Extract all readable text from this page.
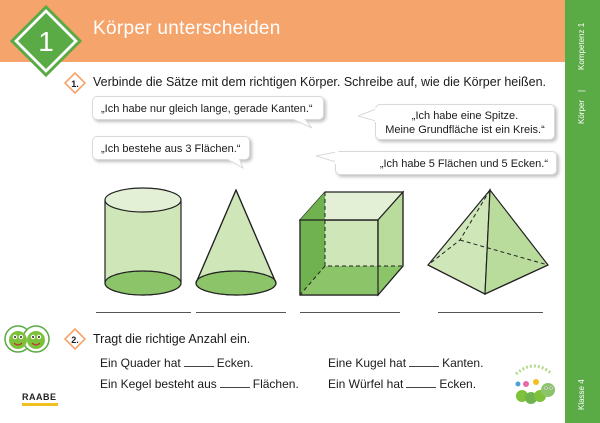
Körper unterscheiden
1	Kompetenz 1
|
Körper
Klasse 4
1. Verbinde die Sätze mit dem richtigen Körper. Schreibe auf, wie die Körper heißen.
„Ich habe nur gleich lange, gerade Kanten.“
„Ich habe eine Spitze.
Meine Grundfläche ist ein Kreis.“
„Ich bestehe aus 3 Flächen.“
„Ich habe 5 Flächen und 5 Ecken.“
2. Tragt die richtige Anzahl ein.
Ein Quader hat	Ecken.	Eine Kugel hat	Kanten.
Ein Kegel besteht aus	Flächen. Ein Würfel hat	Ecken.
RAABE
